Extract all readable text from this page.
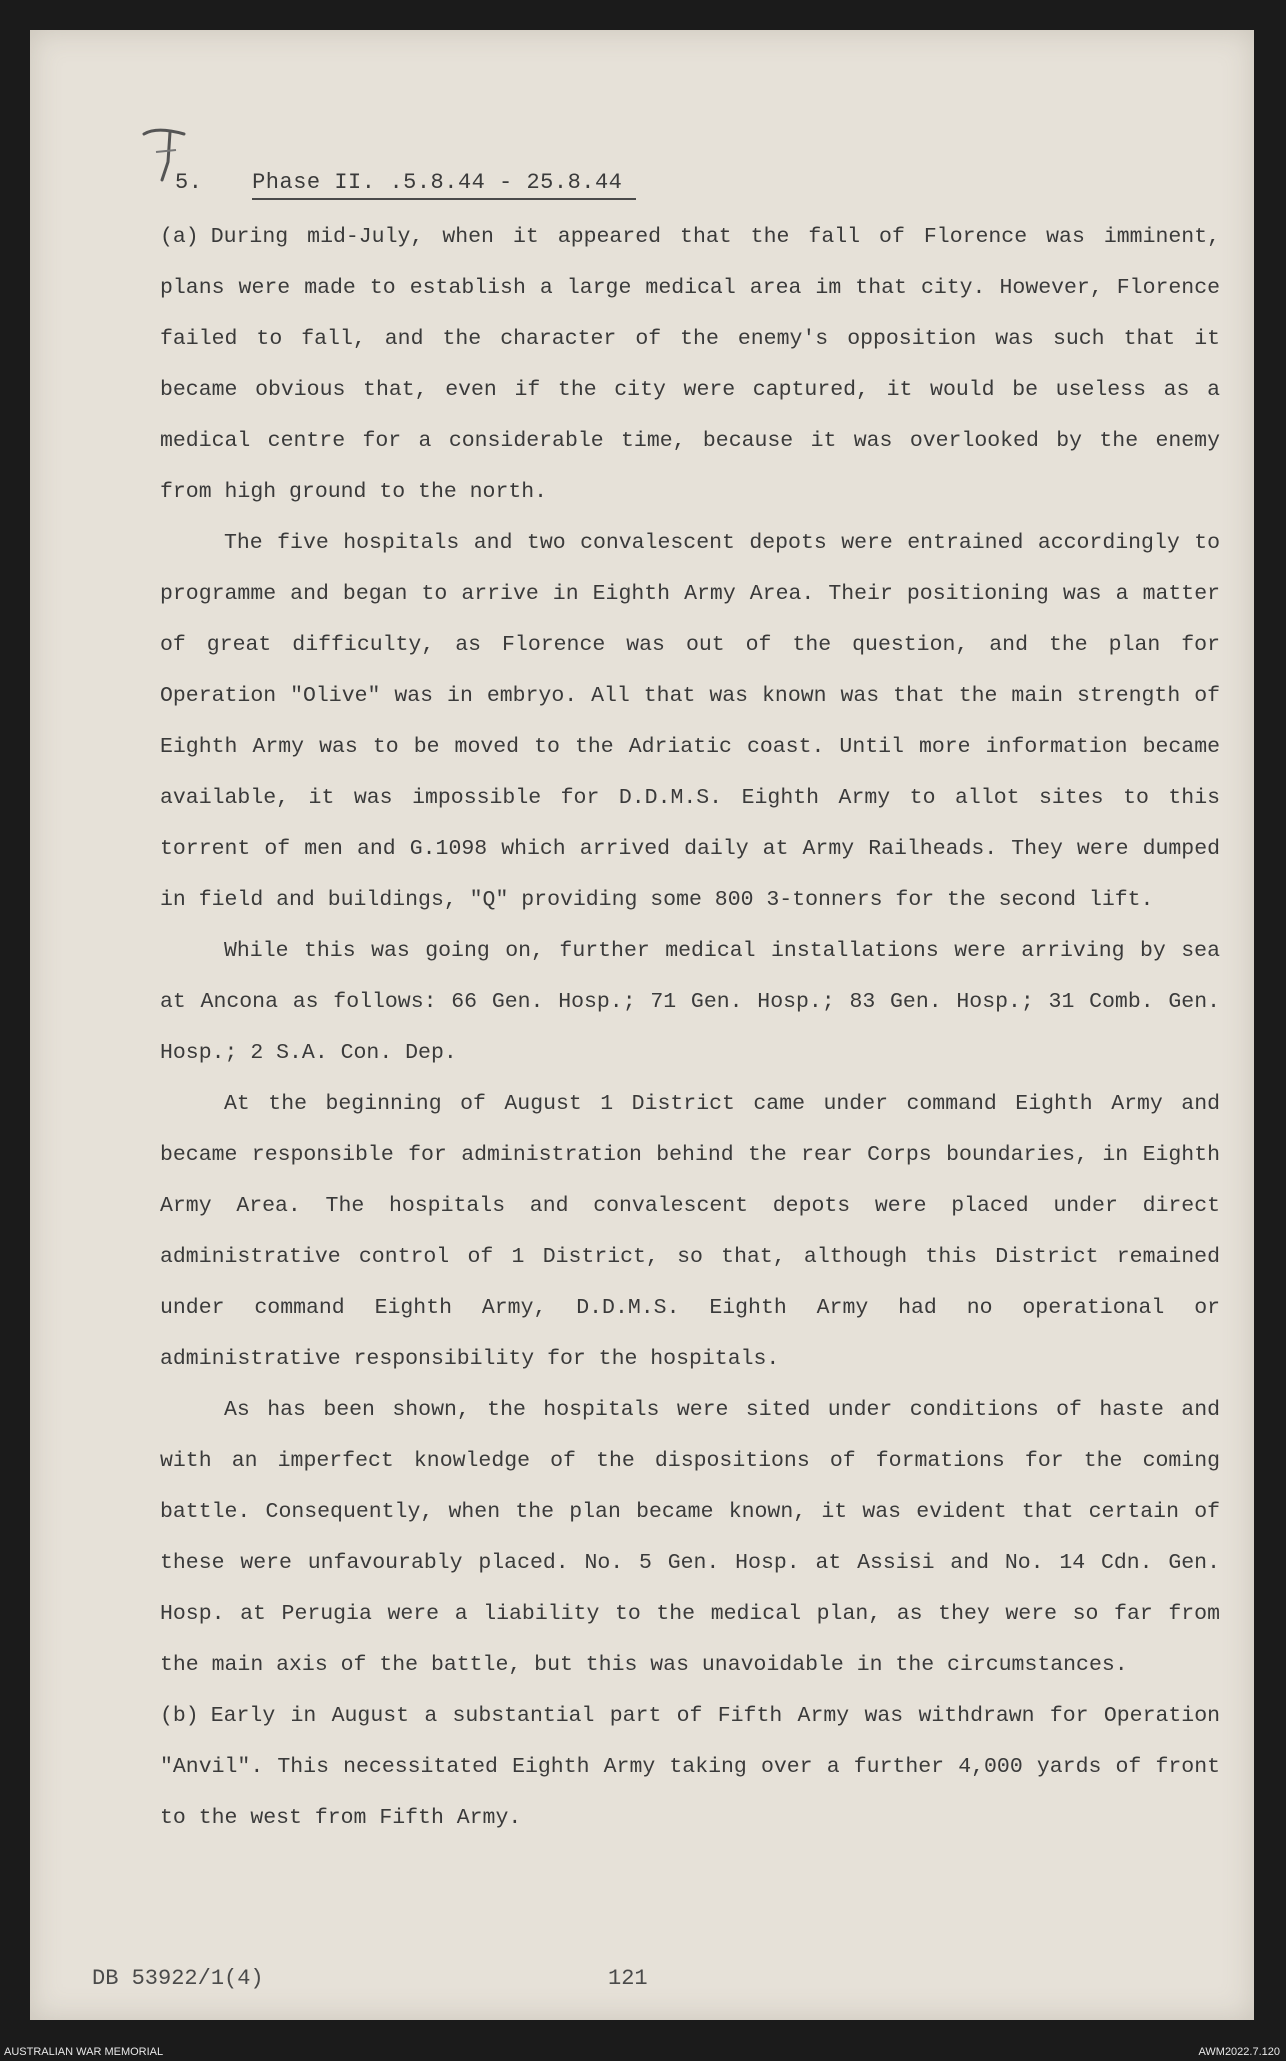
5. Phase II. .5.8.44 - 25.8.44

(a) During mid-July, when it appeared that the fall of Florence was imminent, plans were made to establish a large medical area im that city. However, Florence failed to fall, and the character of the enemy's opposition was such that it became obvious that, even if the city were captured, it would be useless as a medical centre for a considerable time, because it was overlooked by the enemy from high ground to the north.

The five hospitals and two convalescent depots were entrained accordingly to programme and began to arrive in Eighth Army Area. Their positioning was a matter of great difficulty, as Florence was out of the question, and the plan for Operation "Olive" was in embryo. All that was known was that the main strength of Eighth Army was to be moved to the Adriatic coast. Until more information became available, it was impossible for D.D.M.S. Eighth Army to allot sites to this torrent of men and G.1098 which arrived daily at Army Railheads. They were dumped in field and buildings, "Q" providing some 800 3-tonners for the second lift.

While this was going on, further medical installations were arriving by sea at Ancona as follows: 66 Gen. Hosp.; 71 Gen. Hosp.; 83 Gen. Hosp.; 31 Comb. Gen. Hosp.; 2 S.A. Con. Dep.

At the beginning of August 1 District came under command Eighth Army and became responsible for administration behind the rear Corps boundaries, in Eighth Army Area. The hospitals and convalescent depots were placed under direct administrative control of 1 District, so that, although this District remained under command Eighth Army, D.D.M.S. Eighth Army had no operational or administrative responsibility for the hospitals.

As has been shown, the hospitals were sited under conditions of haste and with an imperfect knowledge of the dispositions of formations for the coming battle. Consequently, when the plan became known, it was evident that certain of these were unfavourably placed. No. 5 Gen. Hosp. at Assisi and No. 14 Cdn. Gen. Hosp. at Perugia were a liability to the medical plan, as they were so far from the main axis of the battle, but this was unavoidable in the circumstances.

(b) Early in August a substantial part of Fifth Army was withdrawn for Operation "Anvil". This necessitated Eighth Army taking over a further 4,000 yards of front to the west from Fifth Army.

DB 53922/1(4)	121
AUSTRALIAN WAR MEMORIAL	AWM2022.7.120
